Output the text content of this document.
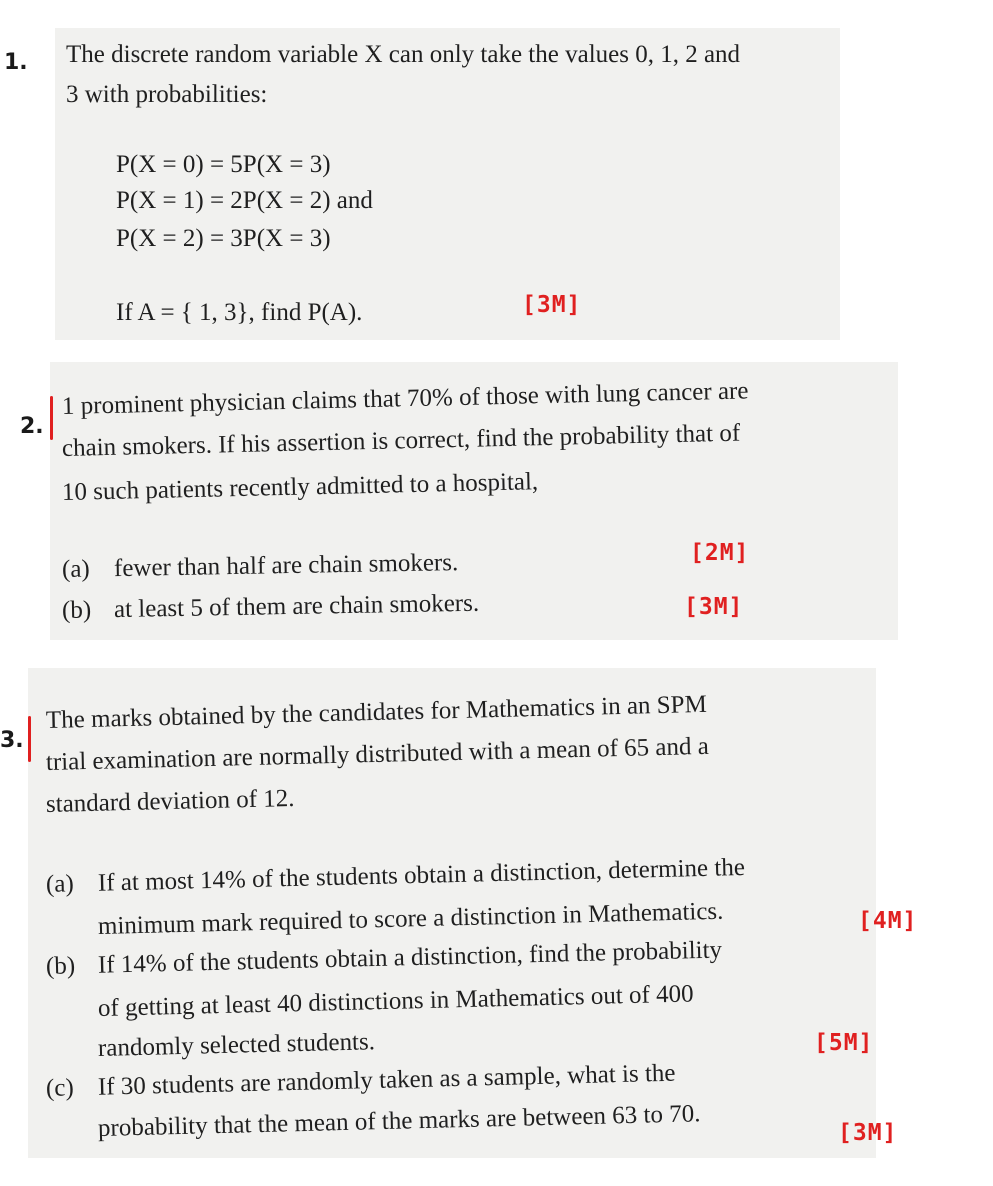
1. The discrete random variable X can only take the values 0, 1, 2 and
3 with probabilities:
P(X = 0) = 5P(X = 3)
P(X = 1) = 2P(X = 2) and
P(X = 2) = 3P(X = 3)
If A = { 1, 3}, find P(A).	[3M]
2.
1 prominent physician claims that 70% of those with lung cancer are
chain smokers. If his assertion is correct, find the probability that of
10 such patients recently admitted to a hospital,
(a) fewer than half are chain smokers.	[2M]
(b) at least 5 of them are chain smokers.	[3M]
3.
The marks obtained by the candidates for Mathematics in an SPM
trial examination are normally distributed with a mean of 65 and a
standard deviation of 12.
(a) If at most 14% of the students obtain a distinction, determine the
minimum mark required to score a distinction in Mathematics.	[4M]
(b) If 14% of the students obtain a distinction, find the probability
of getting at least 40 distinctions in Mathematics out of 400
randomly selected students.	[5M]
(c) If 30 students are randomly taken as a sample, what is the
probability that the mean of the marks are between 63 to 70.	[3M]
